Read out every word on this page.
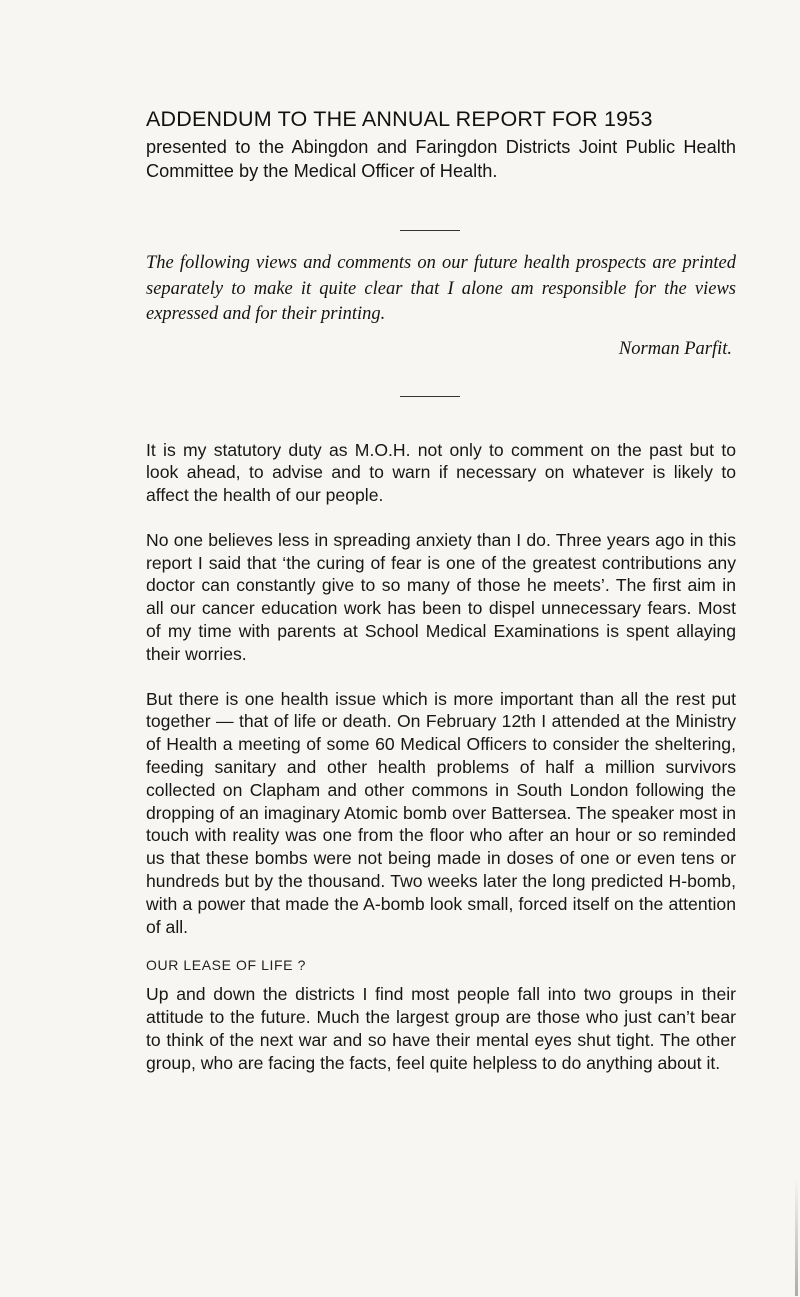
ADDENDUM TO THE ANNUAL REPORT FOR 1953

presented to the Abingdon and Faringdon Districts Joint Public Health Committee by the Medical Officer of Health.

The following views and comments on our future health prospects are printed separately to make it quite clear that I alone am responsible for the views expressed and for their printing.

Norman Parfit.

It is my statutory duty as M.O.H. not only to comment on the past but to look ahead, to advise and to warn if necessary on whatever is likely to affect the health of our people.

No one believes less in spreading anxiety than I do. Three years ago in this report I said that ‘the curing of fear is one of the greatest contributions any doctor can constantly give to so many of those he meets’. The first aim in all our cancer education work has been to dispel unnecessary fears. Most of my time with parents at School Medical Examinations is spent allaying their worries.

But there is one health issue which is more important than all the rest put together — that of life or death. On February 12th I attended at the Ministry of Health a meeting of some 60 Medical Officers to consider the sheltering, feeding sanitary and other health problems of half a million survivors collected on Clapham and other commons in South London following the dropping of an imaginary Atomic bomb over Battersea. The speaker most in touch with reality was one from the floor who after an hour or so reminded us that these bombs were not being made in doses of one or even tens or hundreds but by the thousand. Two weeks later the long predicted H-bomb, with a power that made the A-bomb look small, forced itself on the attention of all.

OUR LEASE OF LIFE ?

Up and down the districts I find most people fall into two groups in their attitude to the future. Much the largest group are those who just can’t bear to think of the next war and so have their mental eyes shut tight. The other group, who are facing the facts, feel quite helpless to do anything about it.
